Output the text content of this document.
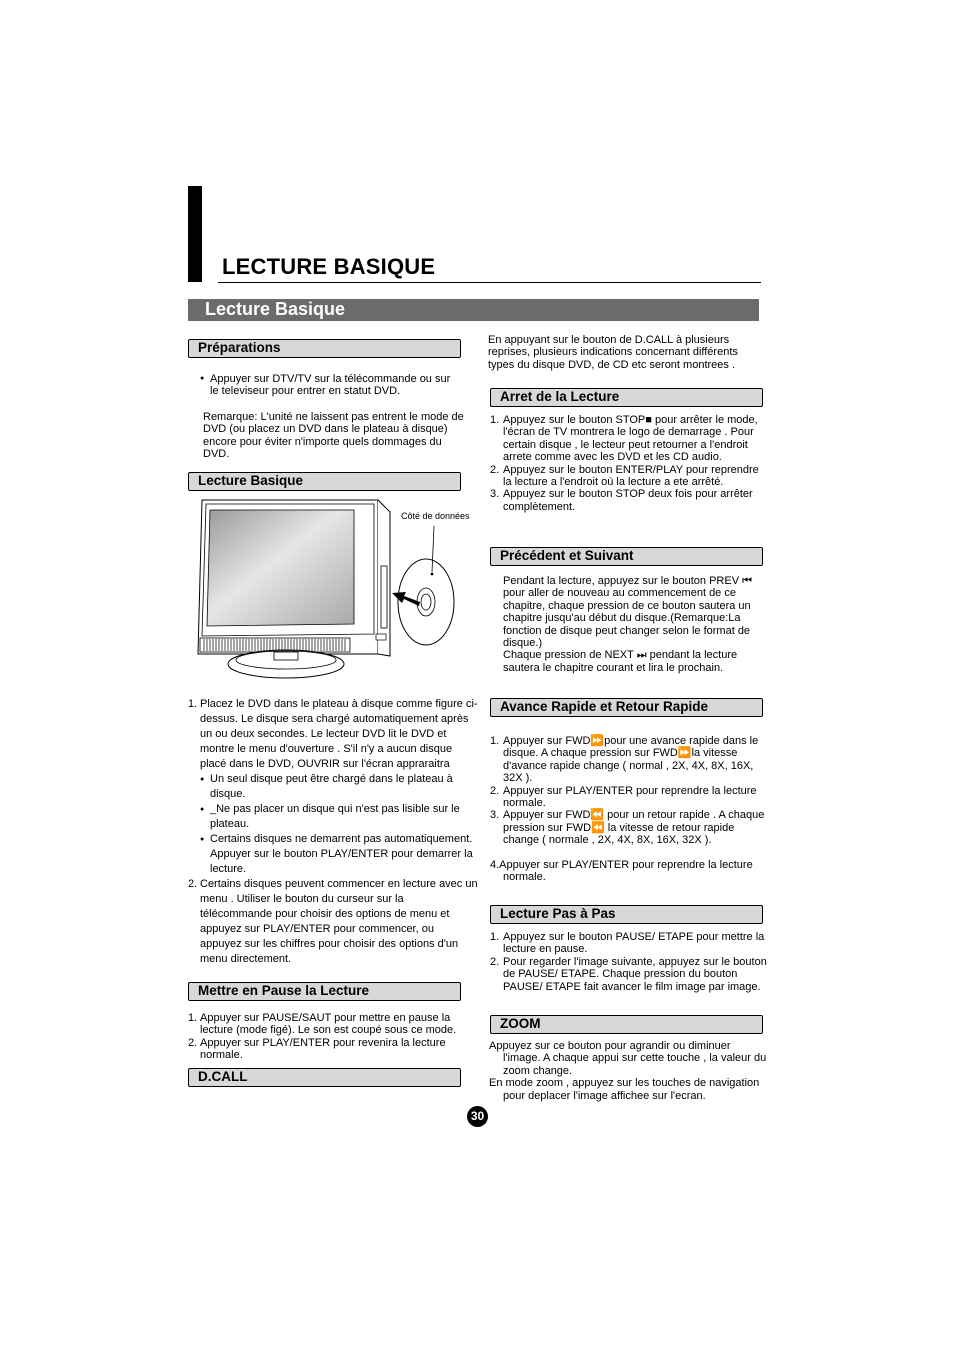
LECTURE BASIQUE
Lecture Basique
Préparations
● Appuyer sur DTV/TV sur la télécommande ou sur le televiseur pour entrer en statut DVD.
Remarque: L'unité ne laissent pas entrent le mode de DVD (ou placez un DVD dans le plateau à disque) encore pour éviter n'importe quels dommages du DVD.
Lecture Basique
Côté de données
1. Placez le DVD dans le plateau à disque comme figure ci-dessus. Le disque sera chargé automatiquement après un ou deux secondes. Le lecteur DVD lit le DVD et montre le menu d'ouverture . S'il n'y a aucun disque placé dans le DVD, OUVRIR sur l'écran appraraitra
● Un seul disque peut être chargé dans le plateau à disque.
● _Ne pas placer un disque qui n'est pas lisible sur le plateau.
● Certains disques ne demarrent pas automatiquement. Appuyer sur le bouton PLAY/ENTER pour demarrer la lecture.
2. Certains disques peuvent commencer en lecture avec un menu . Utiliser le bouton du curseur sur la télécommande pour choisir des options de menu et appuyez sur PLAY/ENTER pour commencer, ou appuyez sur les chiffres pour choisir des options d'un menu directement.
Mettre en Pause la Lecture
1. Appuyer sur PAUSE/SAUT pour mettre en pause la lecture (mode figé). Le son est coupé sous ce mode.
2. Appuyer sur PLAY/ENTER pour revenira la lecture normale.
D.CALL
En appuyant sur le bouton de D.CALL à plusieurs reprises, plusieurs indications concernant différents types du disque DVD, de CD etc seront montrees .
Arret de la Lecture
1. Appuyez sur le bouton STOP■ pour arrêter le mode, l'écran de TV montrera le logo de demarrage . Pour certain disque , le lecteur peut retourner a l'endroit arrete comme avec les DVD et les CD audio.
2. Appuyez sur le bouton ENTER/PLAY pour reprendre la lecture a l'endroit où la lecture a ete arrêté.
3. Appuyez sur le bouton STOP deux fois pour arrêter complètement.
Précédent et Suivant
Pendant la lecture, appuyez sur le bouton PREV ⏮ pour aller de nouveau au commencement de ce chapitre, chaque pression de ce bouton sautera un chapitre jusqu'au début du disque.(Remarque:La fonction de disque peut changer selon le format de disque.)
Chaque pression de NEXT ⏭ pendant la lecture sautera le chapitre courant et lira le prochain.
Avance Rapide et Retour Rapide
1. Appuyer sur FWD⏩pour une avance rapide dans le disque. A chaque pression sur FWD⏩la vitesse d'avance rapide change ( normal , 2X, 4X, 8X, 16X, 32X ).
2. Appuyer sur PLAY/ENTER pour reprendre la lecture normale.
3. Appuyer sur FWD⏪ pour un retour rapide . A chaque pression sur FWD⏪ la vitesse de retour rapide change ( normale , 2X, 4X, 8X, 16X, 32X ).
4.Appuyer sur PLAY/ENTER pour reprendre la lecture normale.
Lecture Pas à Pas
1. Appuyez sur le bouton PAUSE/ ETAPE pour mettre la lecture en pause.
2. Pour regarder l'image suivante, appuyez sur le bouton de PAUSE/ ETAPE. Chaque pression du bouton PAUSE/ ETAPE fait avancer le film image par image.
ZOOM
Appuyez sur ce bouton pour agrandir ou diminuer l'image. A chaque appui sur cette touche , la valeur du zoom change.
En mode zoom , appuyez sur les touches de navigation pour deplacer l'image affichee sur l'ecran.
30
